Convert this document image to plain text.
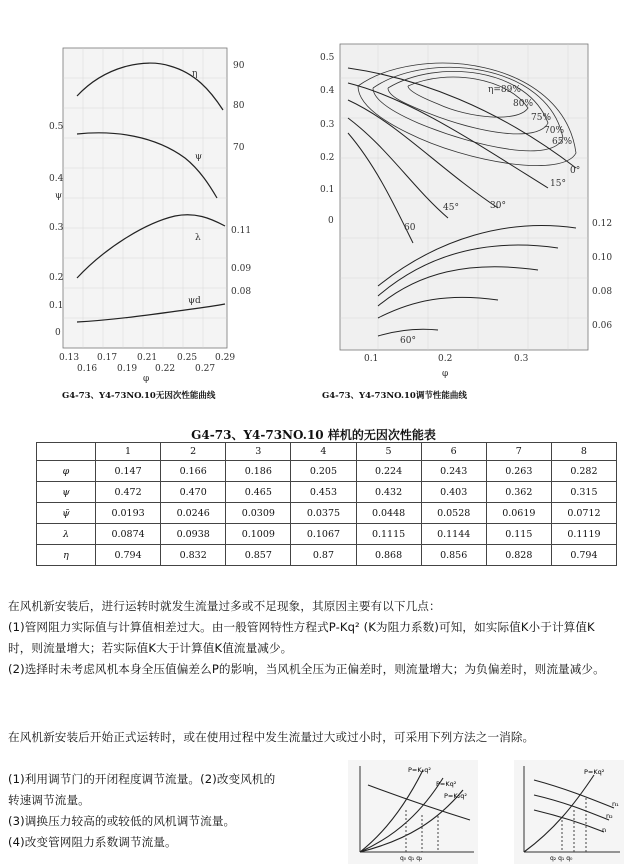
η
ψ
λ
ψd
0.5
0.4
0.3
0.2
0.1
0
ψ
90
80
70
0.11
0.09
0.08
0.13 0.17 0.21 0.25 0.29
0.16 0.19 0.22 0.27
φ
G4-73、Y4-73NO.10无因次性能曲线
η=89%
80%
75%
70%
65%
60
0°
15°
30°
45°
60°
0.5
0.4
0.3
0.2
0.1
0	0.12
0.10
0.08
0.06
0.1	0.2	0.3
φ
G4-73、Y4-73NO.10调节性能曲线
G4-73、Y4-73NO.10 样机的无因次性能表
	1	2	3	4	5	6	7	8
φ	0.147	0.166	0.186	0.205	0.224	0.243	0.263	0.282
ψ	0.472	0.470	0.465	0.453	0.432	0.403	0.362	0.315
ψ̄	0.0193	0.0246	0.0309	0.0375	0.0448	0.0528	0.0619	0.0712
λ	0.0874	0.0938	0.1009	0.1067	0.1115	0.1144	0.115	0.1119
η	0.794	0.832	0.857	0.87	0.868	0.856	0.828	0.794

在风机新安装后，进行运转时就发生流量过多或不足现象，其原因主要有以下几点：

(1)管网阻力实际值与计算值相差过大。由一般管网特性方程式P-Kq² (K为阻力系数)可知，如实际值K小于计算值K时，则流量增大；若实际值K大于计算值K值流量减少。

(2)选择时未考虑风机本身全压值偏差么P的影响，当风机全压为正偏差时，则流量增大；为负偏差时，则流量减少。

在风机新安装后开始正式运转时，或在使用过程中发生流量过大或过小时，可采用下列方法之一消除。

(1)利用调节门的开闭程度调节流量。(2)改变风机的

转速调节流量。

(3)调换压力较高的或较低的风机调节流量。

(4)改变管网阻力系数调节流量。

P=K₁q²
P=Kq²
P=K₂q²
q₀ q₁ q₂
P=Kq²
n₁
n₂
n
q₂ q₁ q₀
